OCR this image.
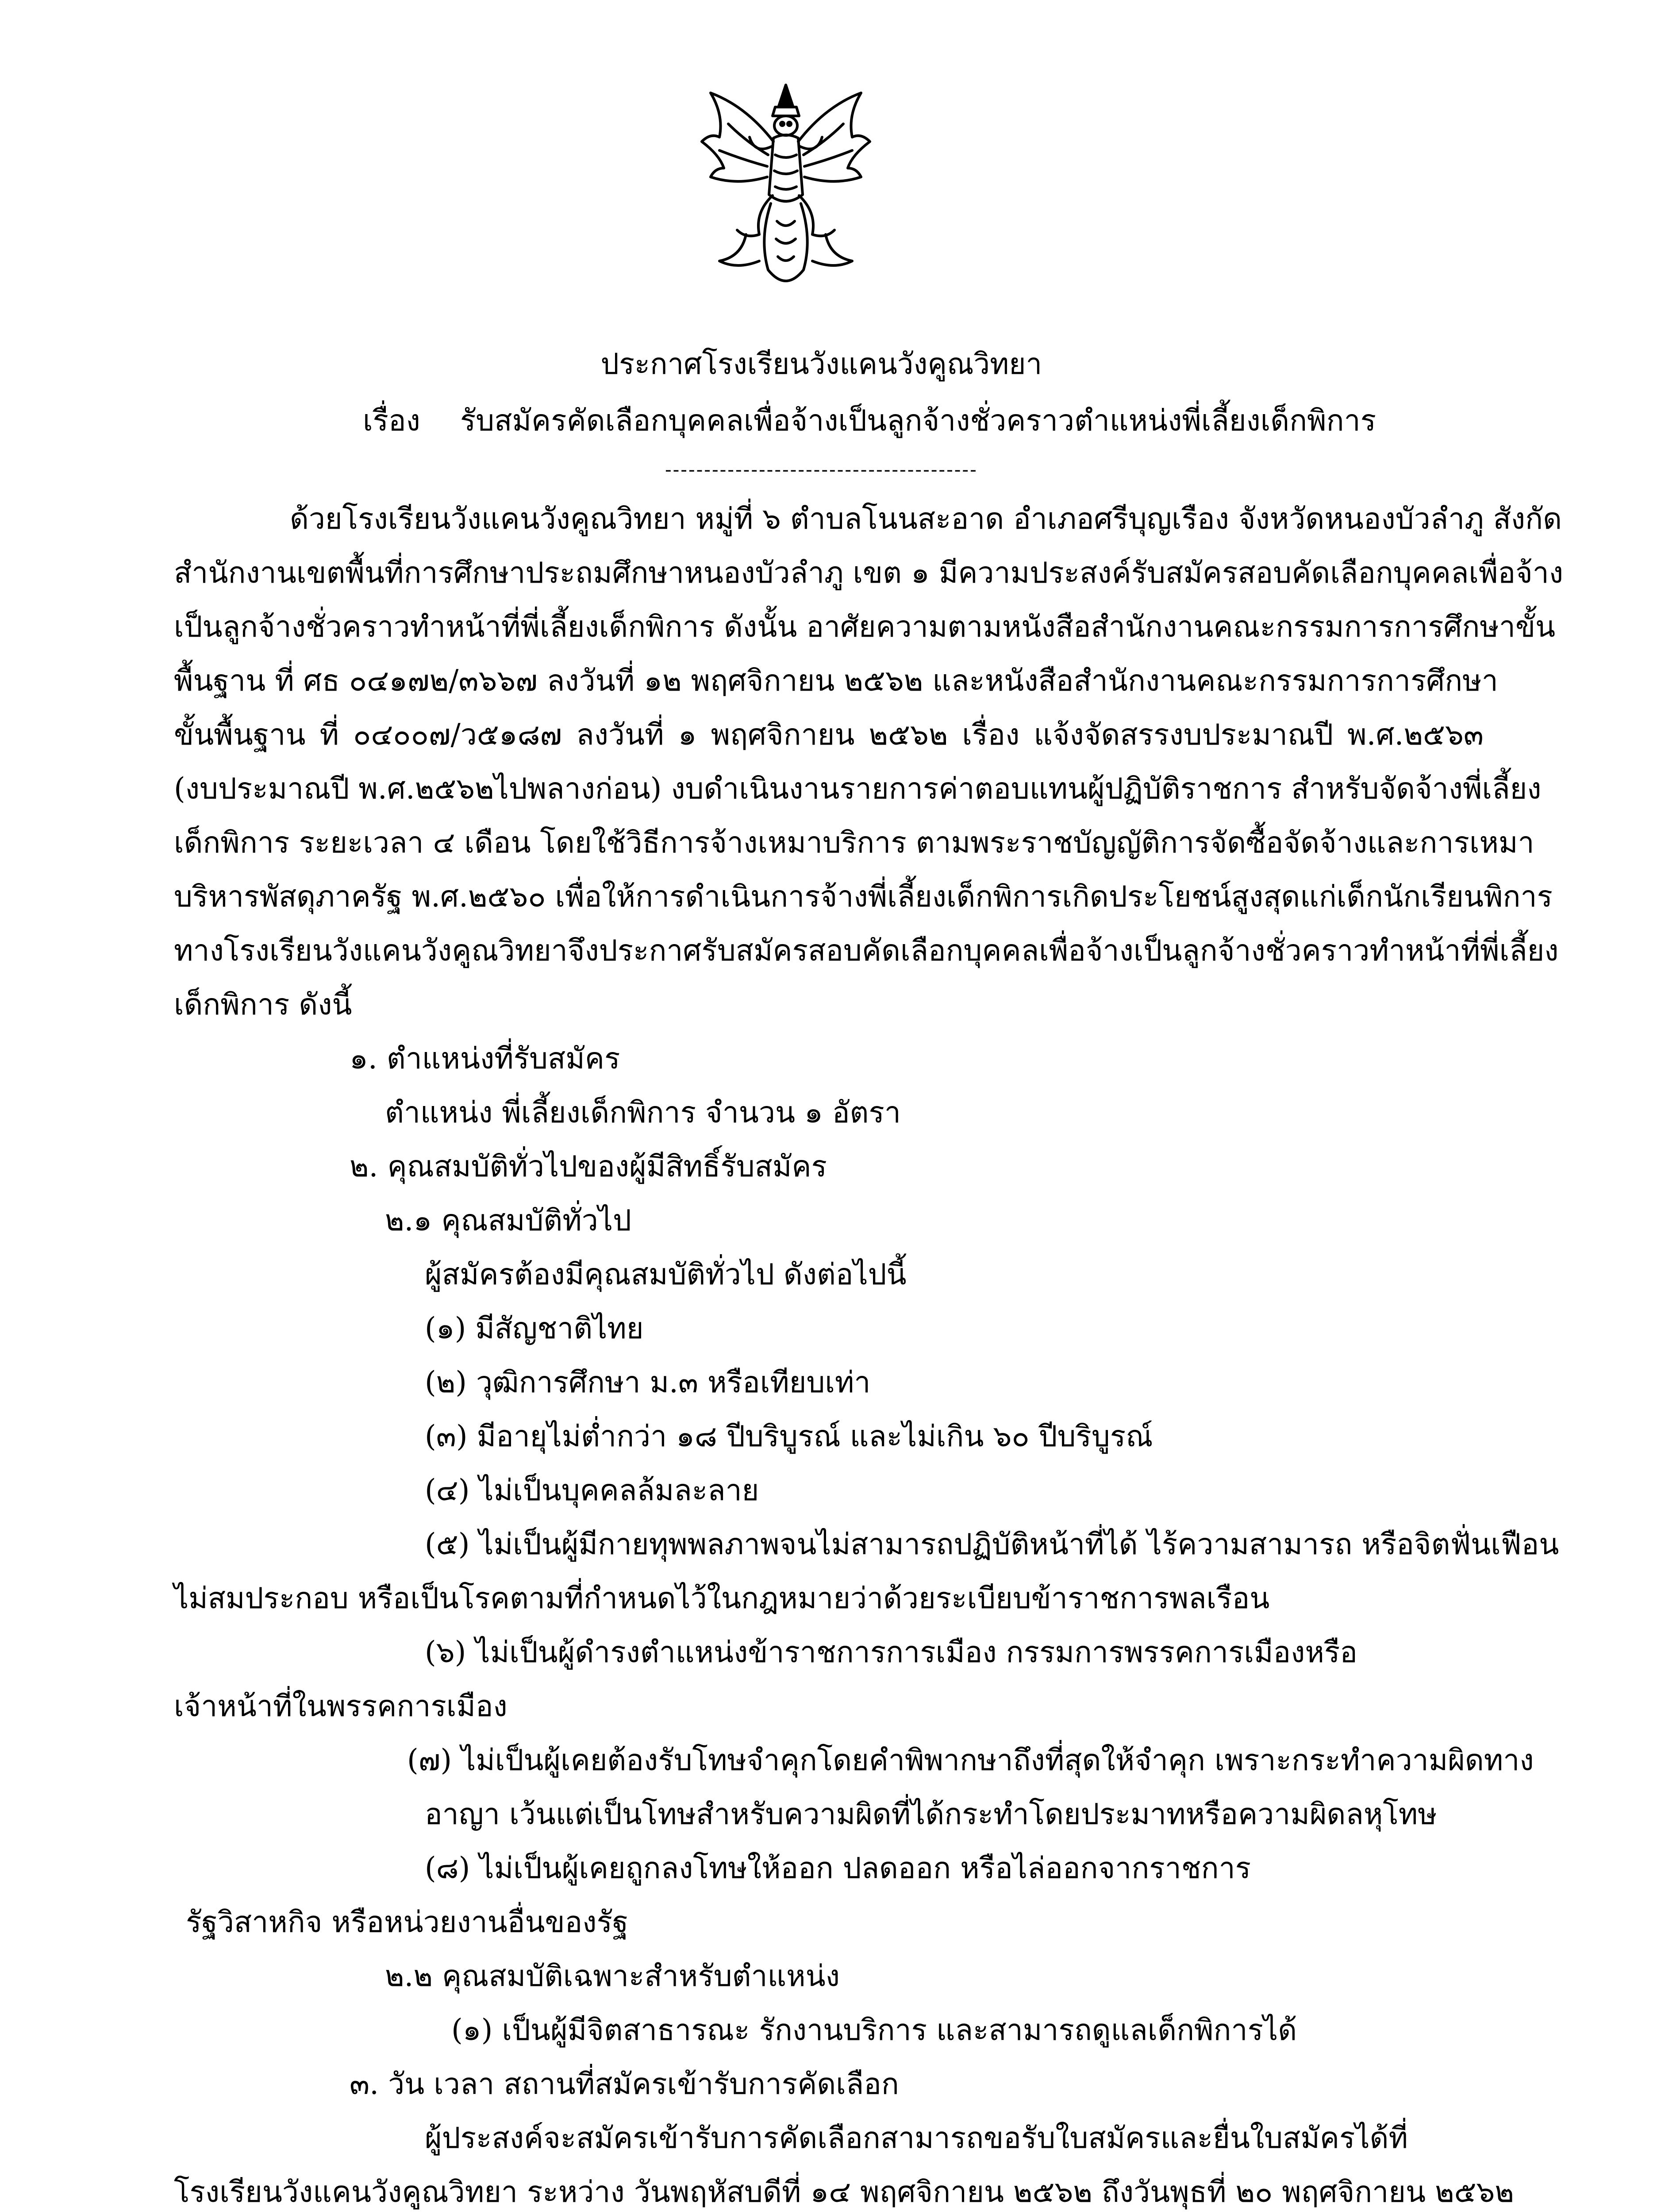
ประกาศโรงเรียนวังแคนวังคูณวิทยา
เรื่อง รับสมัครคัดเลือกบุคคลเพื่อจ้างเป็นลูกจ้างชั่วคราวตำแหน่งพี่เลี้ยงเด็กพิการ
----------------------------------------
ด้วยโรงเรียนวังแคนวังคูณวิทยา หมู่ที่ ๖ ตำบลโนนสะอาด อำเภอศรีบุญเรือง จังหวัดหนองบัวลำภู สังกัด
สำนักงานเขตพื้นที่การศึกษาประถมศึกษาหนองบัวลำภู เขต ๑ มีความประสงค์รับสมัครสอบคัดเลือกบุคคลเพื่อจ้าง
เป็นลูกจ้างชั่วคราวทำหน้าที่พี่เลี้ยงเด็กพิการ ดังนั้น อาศัยความตามหนังสือสำนักงานคณะกรรมการการศึกษาขั้น
พื้นฐาน ที่ ศธ ๐๔๑๗๒/๓๖๖๗ ลงวันที่ ๑๒ พฤศจิกายน ๒๕๖๒ และหนังสือสำนักงานคณะกรรมการการศึกษา
ขั้นพื้นฐาน ที่ ๐๔๐๐๗/ว๕๑๘๗ ลงวันที่ ๑ พฤศจิกายน ๒๕๖๒ เรื่อง แจ้งจัดสรรงบประมาณปี พ.ศ.๒๕๖๓
(งบประมาณปี พ.ศ.๒๕๖๒ไปพลางก่อน) งบดำเนินงานรายการค่าตอบแทนผู้ปฏิบัติราชการ สำหรับจัดจ้างพี่เลี้ยง
เด็กพิการ ระยะเวลา ๔ เดือน โดยใช้วิธีการจ้างเหมาบริการ ตามพระราชบัญญัติการจัดซื้อจัดจ้างและการเหมา
บริหารพัสดุภาครัฐ พ.ศ.๒๕๖๐ เพื่อให้การดำเนินการจ้างพี่เลี้ยงเด็กพิการเกิดประโยชน์สูงสุดแก่เด็กนักเรียนพิการ
ทางโรงเรียนวังแคนวังคูณวิทยาจึงประกาศรับสมัครสอบคัดเลือกบุคคลเพื่อจ้างเป็นลูกจ้างชั่วคราวทำหน้าที่พี่เลี้ยง
เด็กพิการ ดังนี้
๑. ตำแหน่งที่รับสมัคร
ตำแหน่ง พี่เลี้ยงเด็กพิการ จำนวน ๑ อัตรา
๒. คุณสมบัติทั่วไปของผู้มีสิทธิ์รับสมัคร
๒.๑ คุณสมบัติทั่วไป
ผู้สมัครต้องมีคุณสมบัติทั่วไป ดังต่อไปนี้
(๑) มีสัญชาติไทย
(๒) วุฒิการศึกษา ม.๓ หรือเทียบเท่า
(๓) มีอายุไม่ต่ำกว่า ๑๘ ปีบริบูรณ์ และไม่เกิน ๖๐ ปีบริบูรณ์
(๔) ไม่เป็นบุคคลล้มละลาย
(๕) ไม่เป็นผู้มีกายทุพพลภาพจนไม่สามารถปฏิบัติหน้าที่ได้ ไร้ความสามารถ หรือจิตฟั่นเฟือน
ไม่สมประกอบ หรือเป็นโรคตามที่กำหนดไว้ในกฎหมายว่าด้วยระเบียบข้าราชการพลเรือน
(๖) ไม่เป็นผู้ดำรงตำแหน่งข้าราชการการเมือง กรรมการพรรคการเมืองหรือ
เจ้าหน้าที่ในพรรคการเมือง
(๗) ไม่เป็นผู้เคยต้องรับโทษจำคุกโดยคำพิพากษาถึงที่สุดให้จำคุก เพราะกระทำความผิดทาง
อาญา เว้นแต่เป็นโทษสำหรับความผิดที่ได้กระทำโดยประมาทหรือความผิดลหุโทษ
(๘) ไม่เป็นผู้เคยถูกลงโทษให้ออก ปลดออก หรือไล่ออกจากราชการ
รัฐวิสาหกิจ หรือหน่วยงานอื่นของรัฐ
๒.๒ คุณสมบัติเฉพาะสำหรับตำแหน่ง
(๑) เป็นผู้มีจิตสาธารณะ รักงานบริการ และสามารถดูแลเด็กพิการได้
๓. วัน เวลา สถานที่สมัครเข้ารับการคัดเลือก
ผู้ประสงค์จะสมัครเข้ารับการคัดเลือกสามารถขอรับใบสมัครและยื่นใบสมัครได้ที่
โรงเรียนวังแคนวังคูณวิทยา ระหว่าง วันพฤหัสบดีที่ ๑๔ พฤศจิกายน ๒๕๖๒ ถึงวันพุธที่ ๒๐ พฤศจิกายน ๒๕๖๒
